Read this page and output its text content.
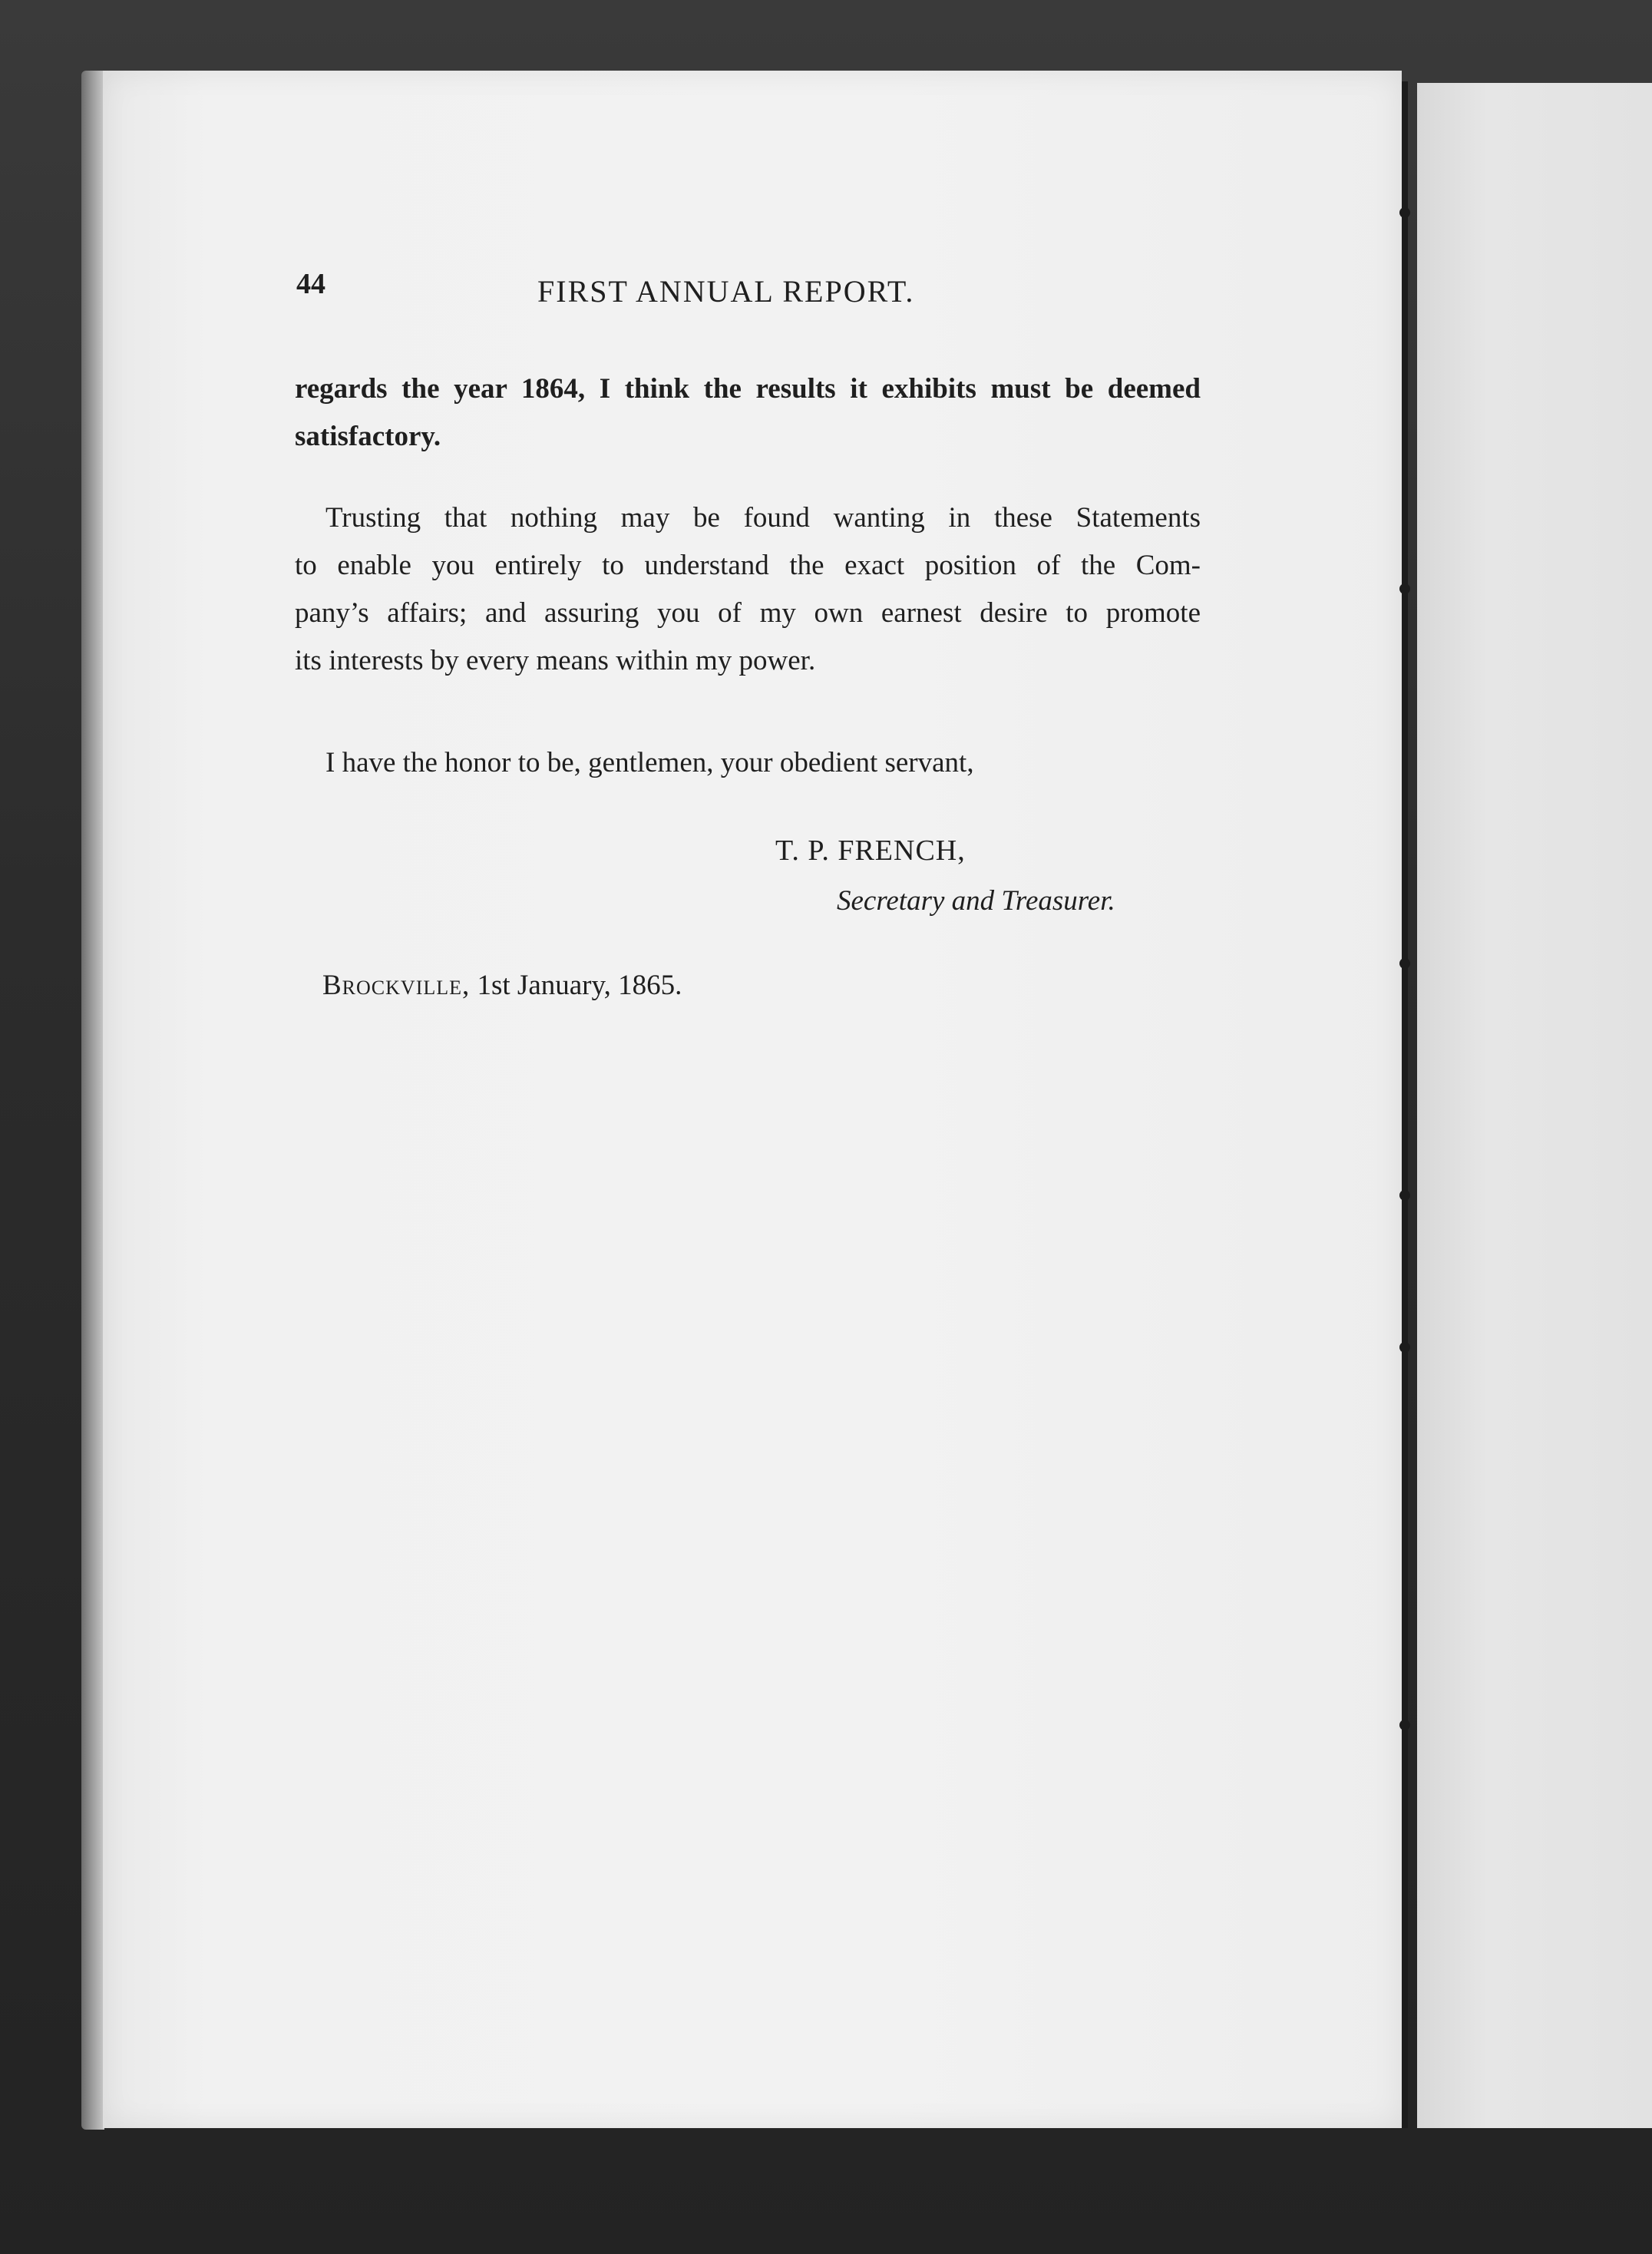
44	FIRST ANNUAL REPORT.
regards the year 1864, I think the results it exhibits must be deemed
satisfactory.
Trusting that nothing may be found wanting in these Statements
to enable you entirely to understand the exact position of the Com-
pany’s affairs; and assuring you of my own earnest desire to promote
its interests by every means within my power.
I have the honor to be, gentlemen, your obedient servant,
T. P. FRENCH,
Secretary and Treasurer.
Brockville, 1st January, 1865.
